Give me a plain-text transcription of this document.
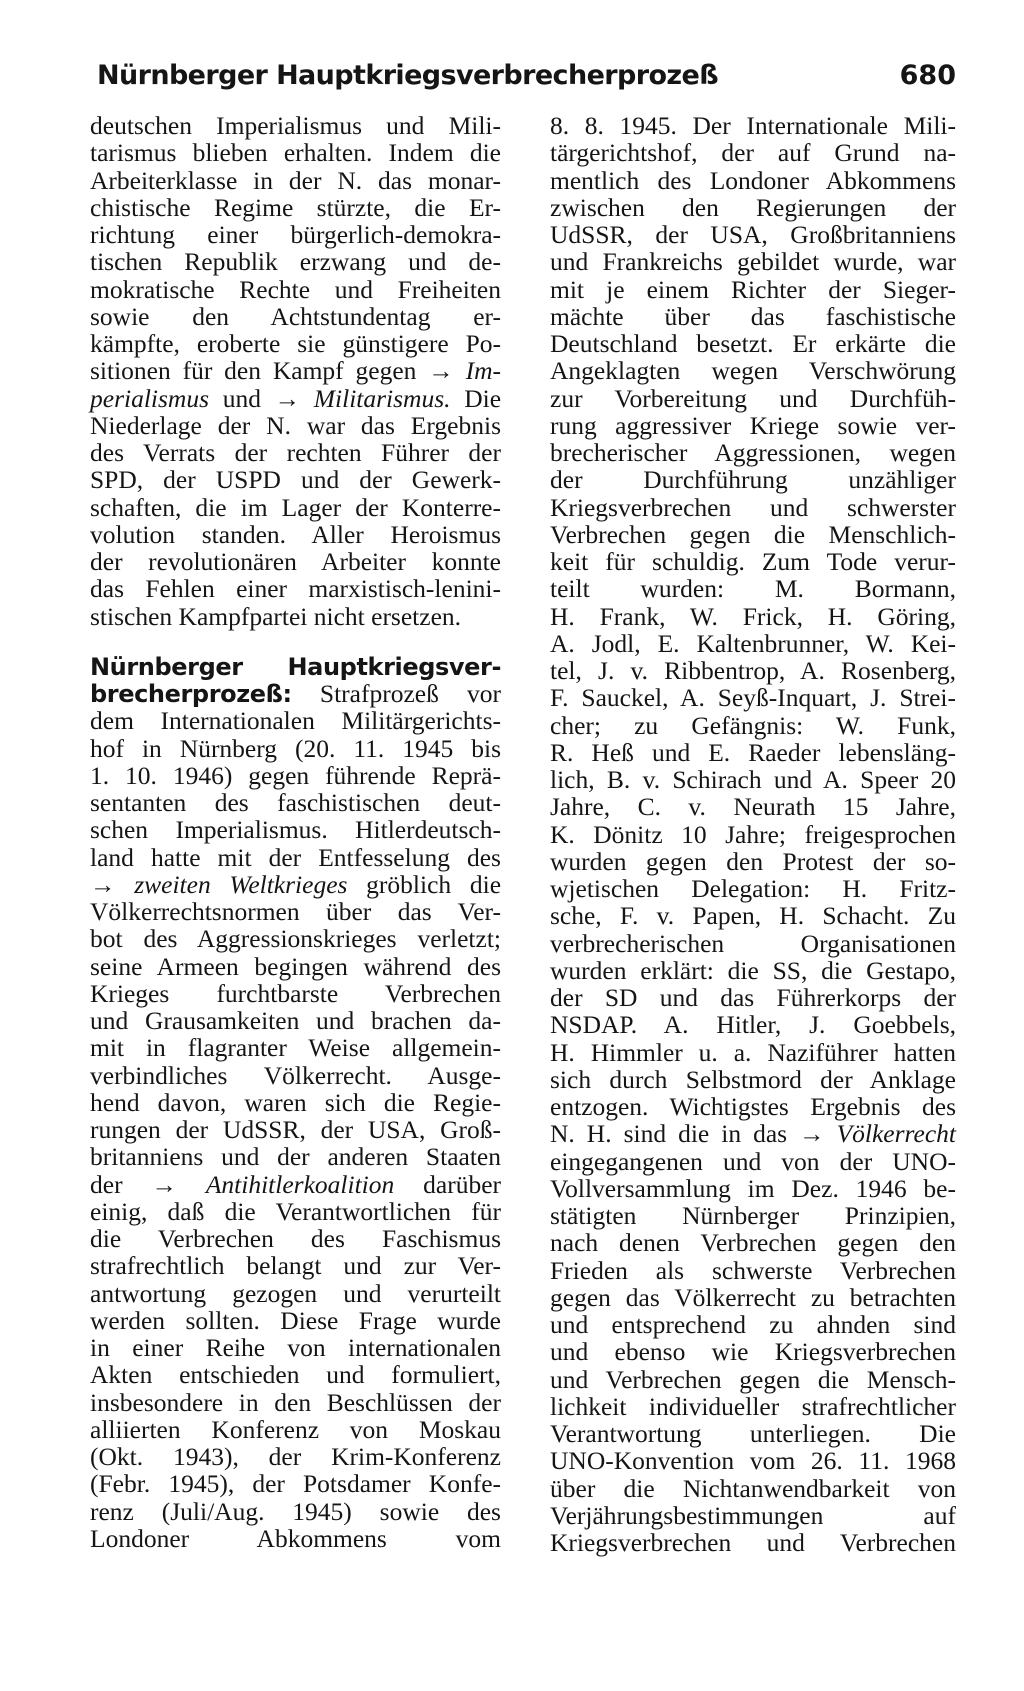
Nürnberger Hauptkriegsverbrecherprozeß	680
deutschen Imperialismus und Mili-
tarismus blieben erhalten. Indem die
Arbeiterklasse in der N. das monar-
chistische Regime stürzte, die Er-
richtung einer bürgerlich-demokra-
tischen Republik erzwang und de-
mokratische Rechte und Freiheiten
sowie den Achtstundentag er-
kämpfte, eroberte sie günstigere Po-
sitionen für den Kampf gegen → Im-
perialismus und → Militarismus. Die
Niederlage der N. war das Ergebnis
des Verrats der rechten Führer der
SPD, der USPD und der Gewerk-
schaften, die im Lager der Konterre-
volution standen. Aller Heroismus
der revolutionären Arbeiter konnte
das Fehlen einer marxistisch-lenini-
stischen Kampfpartei nicht ersetzen.
Nürnberger Hauptkriegsver-
brecherprozeß: Strafprozeß vor
dem Internationalen Militärgerichts-
hof in Nürnberg (20. 11. 1945 bis
1. 10. 1946) gegen führende Reprä-
sentanten des faschistischen deut-
schen Imperialismus. Hitlerdeutsch-
land hatte mit der Entfesselung des
→ zweiten Weltkrieges gröblich die
Völkerrechtsnormen über das Ver-
bot des Aggressionskrieges verletzt;
seine Armeen begingen während des
Krieges furchtbarste Verbrechen
und Grausamkeiten und brachen da-
mit in flagranter Weise allgemein-
verbindliches Völkerrecht. Ausge-
hend davon, waren sich die Regie-
rungen der UdSSR, der USA, Groß-
britanniens und der anderen Staaten
der → Antihitlerkoalition darüber
einig, daß die Verantwortlichen für
die Verbrechen des Faschismus
strafrechtlich belangt und zur Ver-
antwortung gezogen und verurteilt
werden sollten. Diese Frage wurde
in einer Reihe von internationalen
Akten entschieden und formuliert,
insbesondere in den Beschlüssen der
alliierten Konferenz von Moskau
(Okt. 1943), der Krim-Konferenz
(Febr. 1945), der Potsdamer Konfe-
renz (Juli/Aug. 1945) sowie des
Londoner Abkommens vom
8. 8. 1945. Der Internationale Mili-
tärgerichtshof, der auf Grund na-
mentlich des Londoner Abkommens
zwischen den Regierungen der
UdSSR, der USA, Großbritanniens
und Frankreichs gebildet wurde, war
mit je einem Richter der Sieger-
mächte über das faschistische
Deutschland besetzt. Er erkärte die
Angeklagten wegen Verschwörung
zur Vorbereitung und Durchfüh-
rung aggressiver Kriege sowie ver-
brecherischer Aggressionen, wegen
der Durchführung unzähliger
Kriegsverbrechen und schwerster
Verbrechen gegen die Menschlich-
keit für schuldig. Zum Tode verur-
teilt wurden: M. Bormann,
H. Frank, W. Frick, H. Göring,
A. Jodl, E. Kaltenbrunner, W. Kei-
tel, J. v. Ribbentrop, A. Rosenberg,
F. Sauckel, A. Seyß-Inquart, J. Strei-
cher; zu Gefängnis: W. Funk,
R. Heß und E. Raeder lebensläng-
lich, B. v. Schirach und A. Speer 20
Jahre, C. v. Neurath 15 Jahre,
K. Dönitz 10 Jahre; freigesprochen
wurden gegen den Protest der so-
wjetischen Delegation: H. Fritz-
sche, F. v. Papen, H. Schacht. Zu
verbrecherischen Organisationen
wurden erklärt: die SS, die Gestapo,
der SD und das Führerkorps der
NSDAP. A. Hitler, J. Goebbels,
H. Himmler u. a. Naziführer hatten
sich durch Selbstmord der Anklage
entzogen. Wichtigstes Ergebnis des
N. H. sind die in das → Völkerrecht
eingegangenen und von der UNO-
Vollversammlung im Dez. 1946 be-
stätigten Nürnberger Prinzipien,
nach denen Verbrechen gegen den
Frieden als schwerste Verbrechen
gegen das Völkerrecht zu betrachten
und entsprechend zu ahnden sind
und ebenso wie Kriegsverbrechen
und Verbrechen gegen die Mensch-
lichkeit individueller strafrechtlicher
Verantwortung unterliegen. Die
UNO-Konvention vom 26. 11. 1968
über die Nichtanwendbarkeit von
Verjährungsbestimmungen auf
Kriegsverbrechen und Verbrechen
